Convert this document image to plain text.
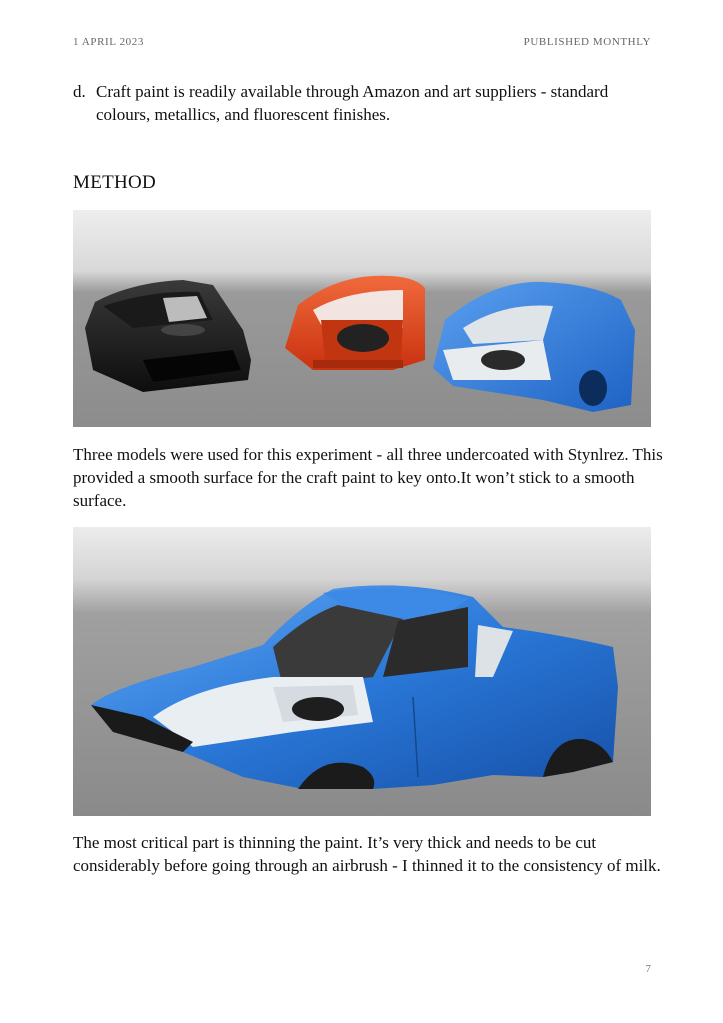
1 APRIL 2023	PUBLISHED MONTHLY
d. Craft paint is readily available through Amazon and art suppliers - standard colours, metallics, and fluorescent finishes.
METHOD
Three models were used for this experiment - all three undercoated with Stynlrez. This provided a smooth surface for the craft paint to key onto.It won’t stick to a smooth surface.
The most critical part is thinning the paint. It’s very thick and needs to be cut considerably before going through an airbrush - I thinned it to the consistency of milk.
7
